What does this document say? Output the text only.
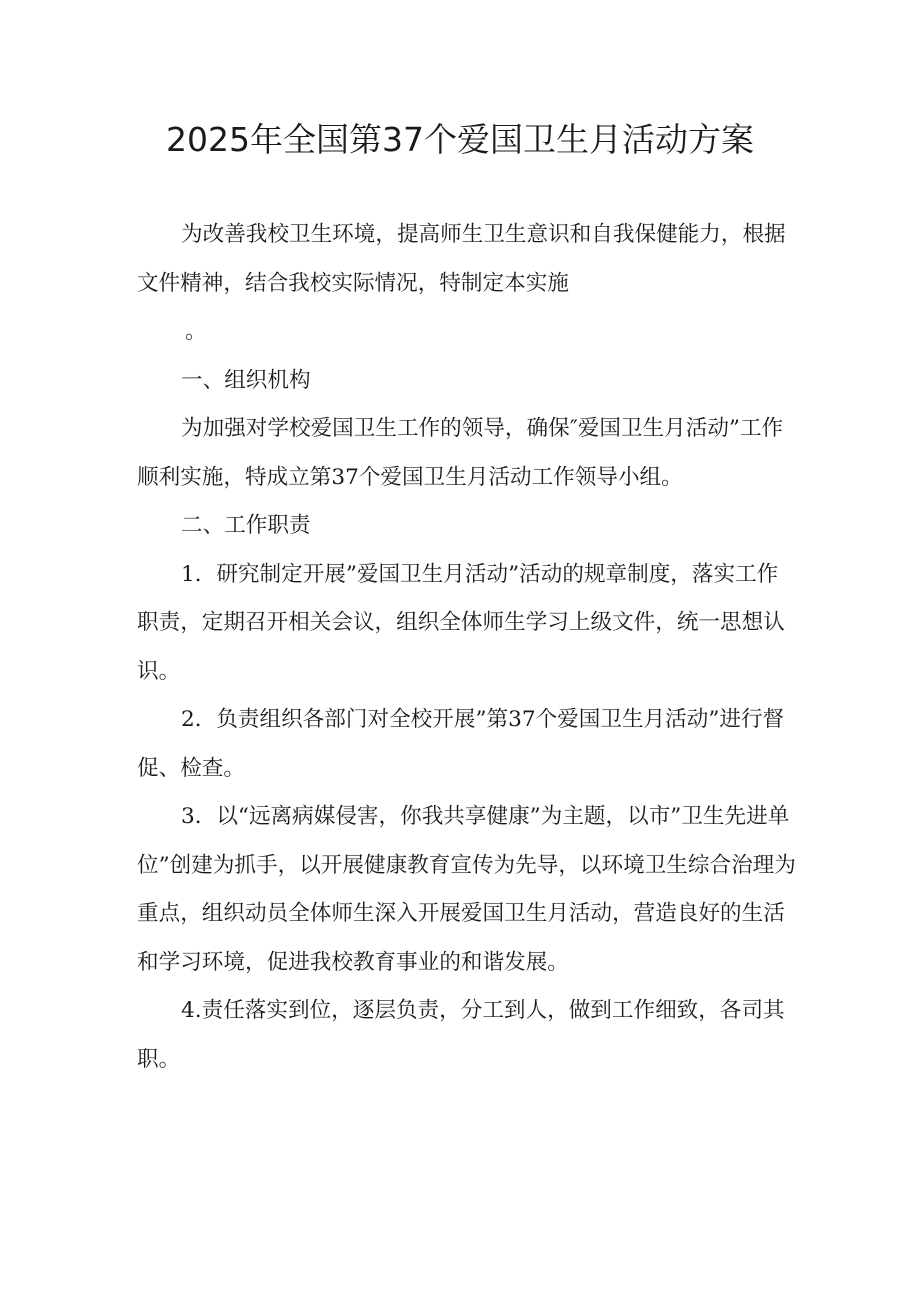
2025年全国第37个爱国卫生月活动方案

为改善我校卫生环境，提高师生卫生意识和自我保健能力，根据文件精神，结合我校实际情况，特制定本实施

。

一、组织机构

为加强对学校爱国卫生工作的领导，确保″爱国卫生月活动”工作顺利实施，特成立第37个爱国卫生月活动工作领导小组。

二、工作职责

1．研究制定开展”爱国卫生月活动”活动的规章制度，落实工作职责，定期召开相关会议，组织全体师生学习上级文件，统一思想认识。

2．负责组织各部门对全校开展”第37个爱国卫生月活动”进行督促、检查。

3．以“远离病媒侵害，你我共享健康”为主题，以市”卫生先进单位”创建为抓手，以开展健康教育宣传为先导，以环境卫生综合治理为重点，组织动员全体师生深入开展爱国卫生月活动，营造良好的生活和学习环境，促进我校教育事业的和谐发展。

4.责任落实到位，逐层负责，分工到人，做到工作细致，各司其职。
